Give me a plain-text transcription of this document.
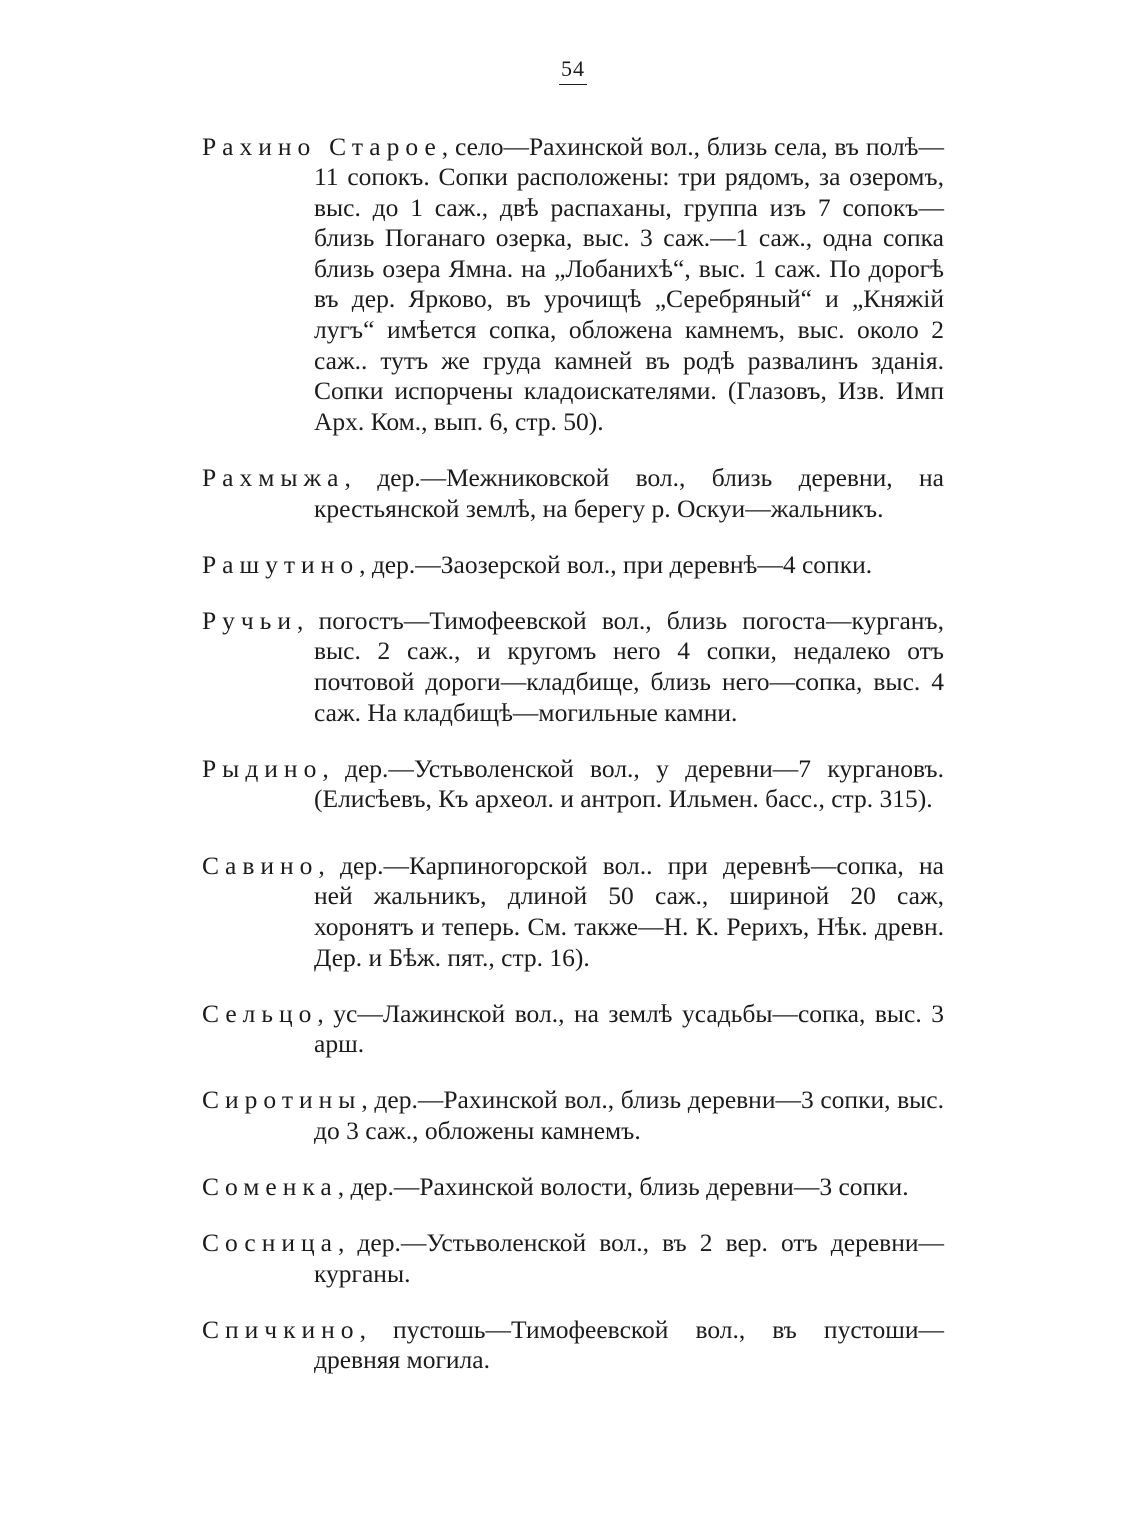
54

Рахино Старое, село—Рахинской вол., близь села, въ полѣ—11 сопокъ. Сопки расположены: три рядомъ, за озеромъ, выс. до 1 саж., двѣ распаханы, группа изъ 7 сопокъ—близь Поганаго озерка, выс. 3 саж.—1 саж., одна сопка близь озера Ямна. на „Лобанихѣ“, выс. 1 саж. По дорогѣ въ дер. Ярково, въ урочищѣ „Серебряный“ и „Княжій лугъ“ имѣется сопка, обложена камнемъ, выс. около 2 саж.. тутъ же груда камней въ родѣ развалинъ зданія. Сопки испорчены кладоискателями. (Глазовъ, Изв. Имп Арх. Ком., вып. 6, стр. 50).

Рахмыжа, дер.—Межниковской вол., близь деревни, на крестьянской землѣ, на берегу р. Оскуи—жальникъ.

Рашутино, дер.—Заозерской вол., при деревнѣ—4 сопки.

Ручьи, погостъ—Тимофеевской вол., близь погоста—курганъ, выс. 2 саж., и кругомъ него 4 сопки, недалеко отъ почтовой дороги—кладбище, близь него—сопка, выс. 4 саж. На кладбищѣ—могильные камни.

Рыдино, дер.—Устьволенской вол., у деревни—7 кургановъ. (Елисѣевъ, Къ археол. и антроп. Ильмен. басс., стр. 315).

Савино, дер.—Карпиногорской вол.. при деревнѣ—сопка, на ней жальникъ, длиной 50 саж., шириной 20 саж, хоронятъ и теперь. См. также—Н. К. Рерихъ, Нѣк. древн. Дер. и Бѣж. пят., стр. 16).

Сельцо, ус—Лажинской вол., на землѣ усадьбы—сопка, выс. 3 арш.

Сиротины, дер.—Рахинской вол., близь деревни—3 сопки, выс. до 3 саж., обложены камнемъ.

Соменка, дер.—Рахинской волости, близь деревни—3 сопки.

Сосница, дер.—Устьволенской вол., въ 2 вер. отъ деревни—курганы.

Спичкино, пустошь—Тимофеевской вол., въ пустоши—древняя могила.
